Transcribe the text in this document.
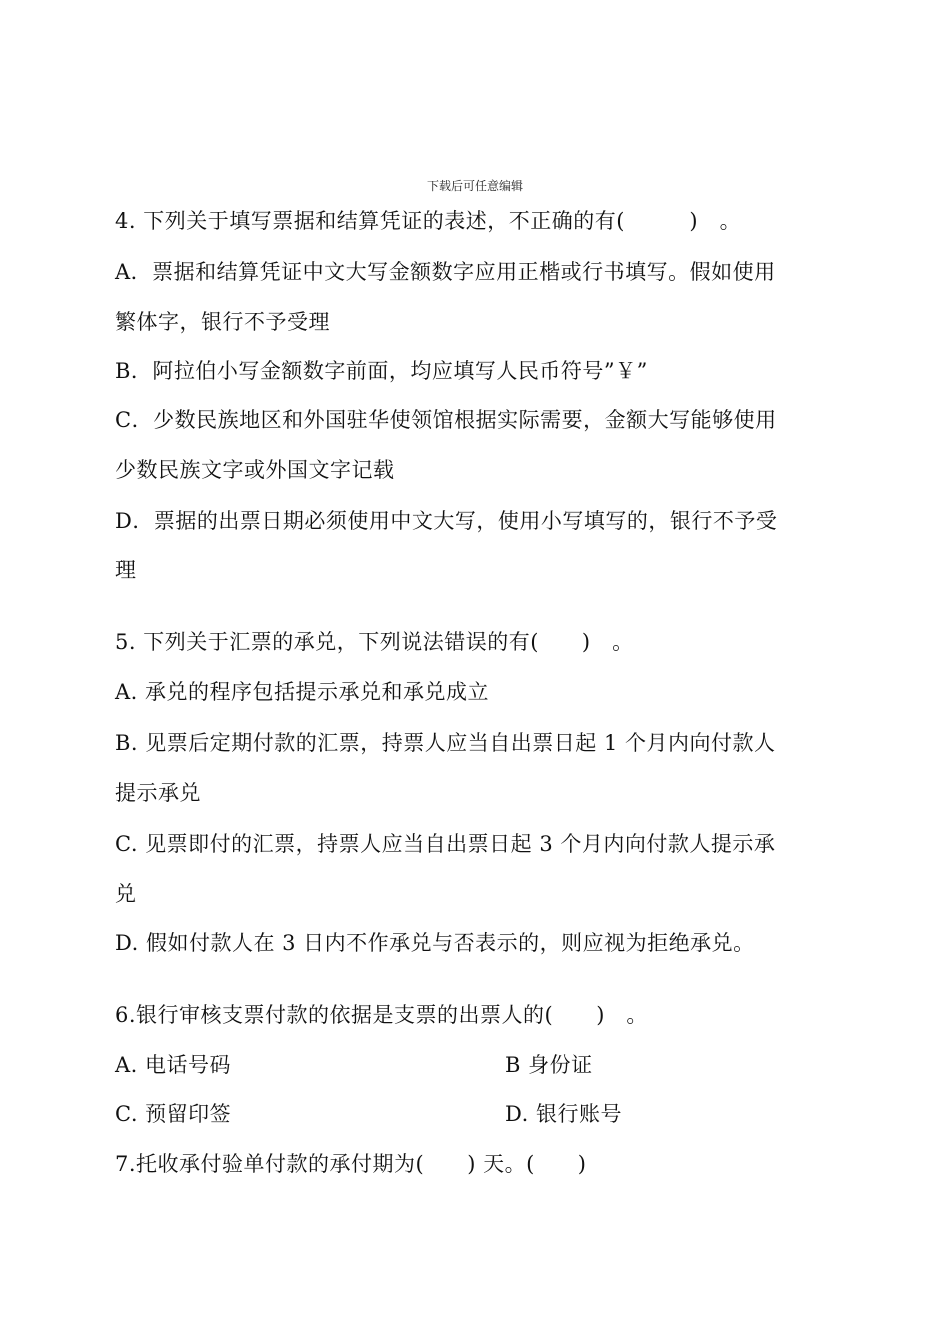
下载后可任意编辑
4. 下列关于填写票据和结算凭证的表述，不正确的有(　　　)　。
A．票据和结算凭证中文大写金额数字应用正楷或行书填写。假如使用
繁体字，银行不予受理
B．阿拉伯小写金额数字前面，均应填写人民币符号”￥”
C．少数民族地区和外国驻华使领馆根据实际需要，金额大写能够使用
少数民族文字或外国文字记载
D．票据的出票日期必须使用中文大写，使用小写填写的，银行不予受
理
5. 下列关于汇票的承兑，下列说法错误的有(　　)　。
A. 承兑的程序包括提示承兑和承兑成立
B. 见票后定期付款的汇票，持票人应当自出票日起 1 个月内向付款人
提示承兑
C. 见票即付的汇票，持票人应当自出票日起 3 个月内向付款人提示承
兑
D. 假如付款人在 3 日内不作承兑与否表示的，则应视为拒绝承兑。
6.银行审核支票付款的依据是支票的出票人的(　　)　。
A. 电话号码	B 身份证
C. 预留印签	D. 银行账号
7.托收承付验单付款的承付期为(　　) 天。(　　)
